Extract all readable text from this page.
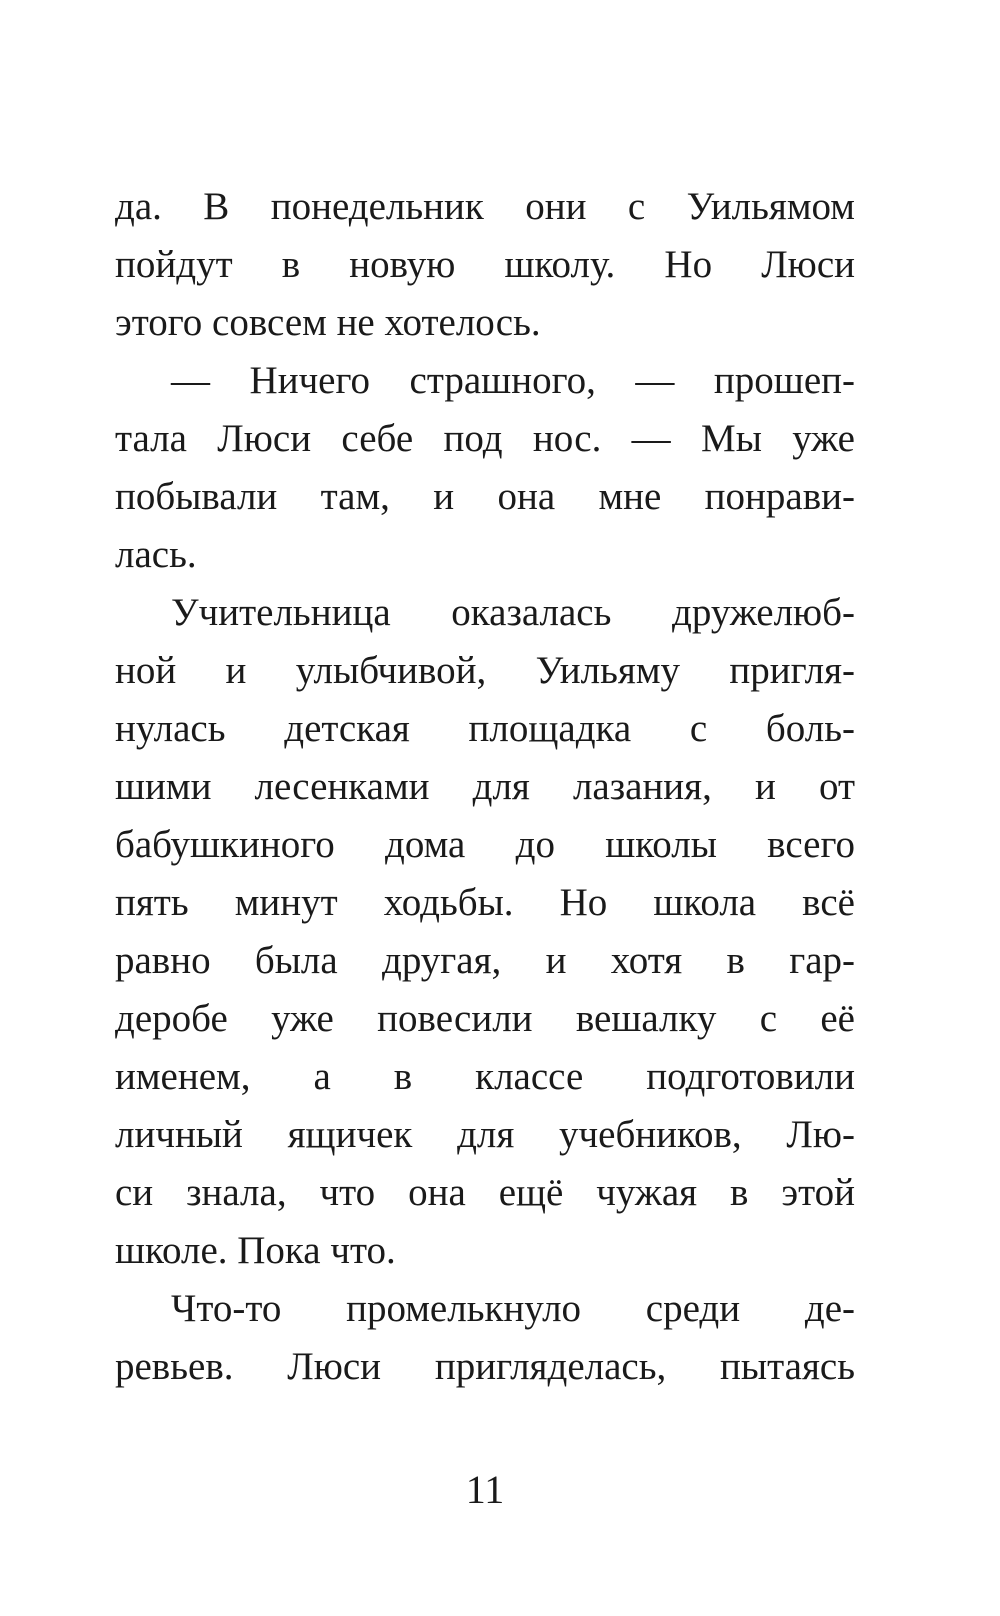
да. В понедельник они с Уильямом
пойдут в новую школу. Но Люси
этого совсем не хотелось.
— Ничего страшного, — прошеп-
тала Люси себе под нос. — Мы уже
побывали там, и она мне понрави-
лась.
Учительница оказалась дружелюб-
ной и улыбчивой, Уильяму пригля-
нулась детская площадка с боль-
шими лесенками для лазания, и от
бабушкиного дома до школы всего
пять минут ходьбы. Но школа всё
равно была другая, и хотя в гар-
деробе уже повесили вешалку с её
именем, а в классе подготовили
личный ящичек для учебников, Лю-
си знала, что она ещё чужая в этой
школе. Пока что.
Что-то промелькнуло среди де-
ревьев. Люси пригляделась, пытаясь
11
